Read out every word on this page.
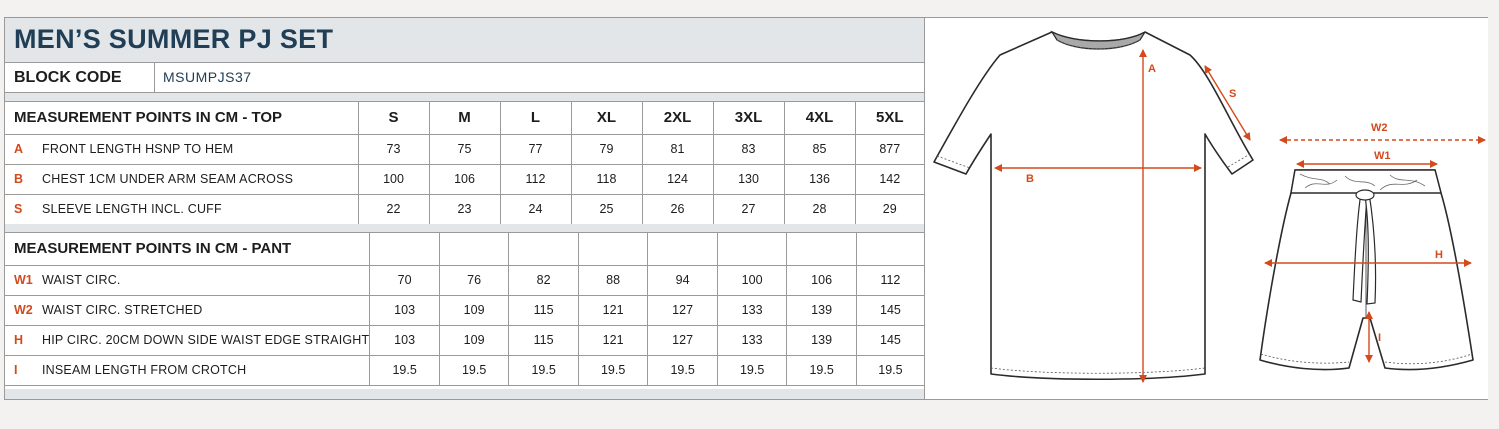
MEN’S SUMMER PJ SET
BLOCK CODE	MSUMPJS37
MEASUREMENT POINTS IN CM - TOP	S	M	L	XL	2XL	3XL	4XL	5XL
A FRONT LENGTH HSNP TO HEM	73	75	77	79	81	83	85	877
B CHEST 1CM UNDER ARM SEAM ACROSS	100	106	112	118	124	130	136	142
S SLEEVE LENGTH INCL. CUFF	22	23	24	25	26	27	28	29
MEASUREMENT POINTS IN CM - PANT								
W1 WAIST CIRC.	70	76	82	88	94	100	106	112
W2 WAIST CIRC. STRETCHED	103	109	115	121	127	133	139	145
H HIP CIRC. 20CM DOWN SIDE WAIST EDGE STRAIGHT	103	109	115	121	127	133	139	145
I INSEAM LENGTH FROM CROTCH	19.5	19.5	19.5	19.5	19.5	19.5	19.5	19.5
A
B
S
W2
W1
H
I
